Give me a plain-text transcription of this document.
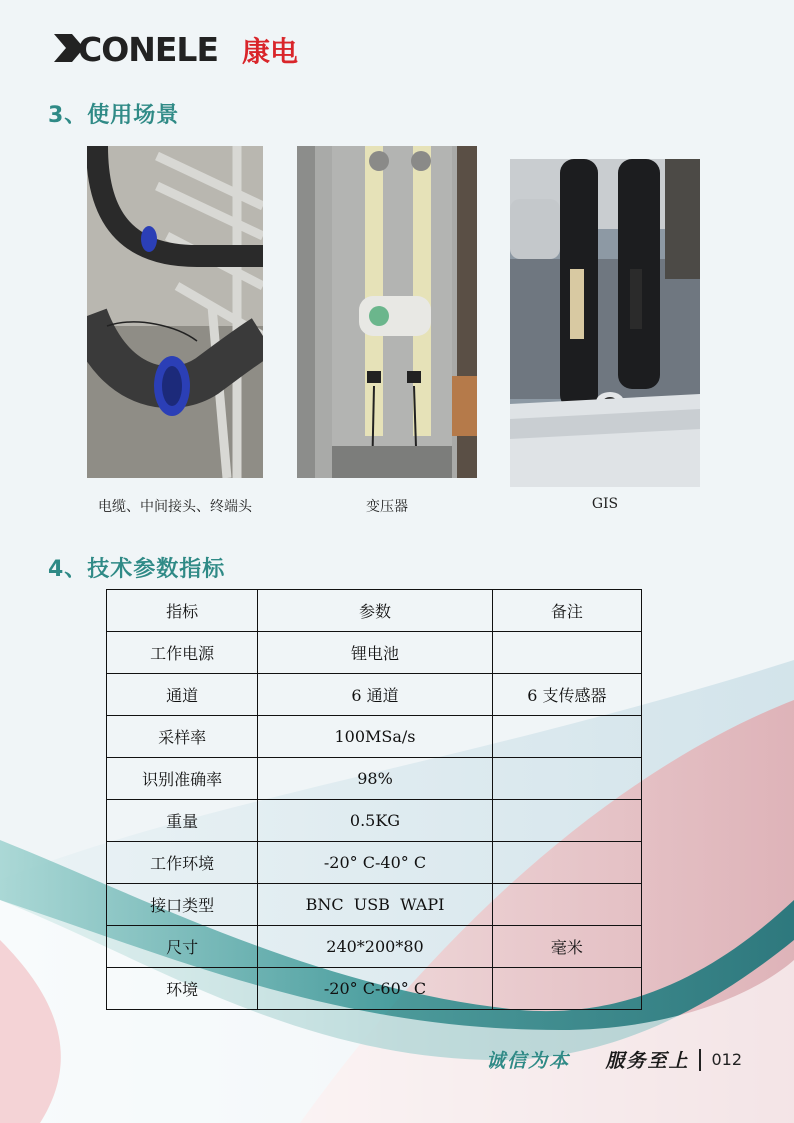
CONELE 康电
3、使用场景
电缆、中间接头、终端头	变压器	GIS
4、技术参数指标
指标	参数	备注
工作电源	锂电池	
通道	6 通道	6 支传感器
采样率	100MSa/s	
识别准确率	98%	
重量	0.5KG	
工作环境	-20° C-40° C	
接口类型	BNC  USB  WAPI	
尺寸	240*200*80	毫米
环境	-20° C-60° C	
诚信为本 服务至上 012
